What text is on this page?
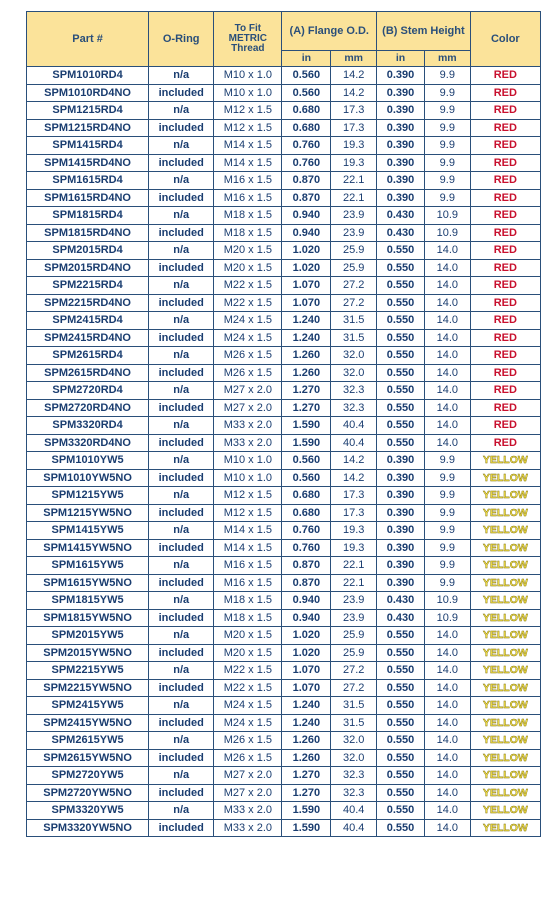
Part #	O-Ring	To Fit METRIC Thread	(A) Flange O.D.		(B) Stem Height		Color
			in	mm	in	mm	
SPM1010RD4	n/a	M10 x 1.0	0.560	14.2	0.390	9.9	RED
SPM1010RD4NO	included	M10 x 1.0	0.560	14.2	0.390	9.9	RED
SPM1215RD4	n/a	M12 x 1.5	0.680	17.3	0.390	9.9	RED
SPM1215RD4NO	included	M12 x 1.5	0.680	17.3	0.390	9.9	RED
SPM1415RD4	n/a	M14 x 1.5	0.760	19.3	0.390	9.9	RED
SPM1415RD4NO	included	M14 x 1.5	0.760	19.3	0.390	9.9	RED
SPM1615RD4	n/a	M16 x 1.5	0.870	22.1	0.390	9.9	RED
SPM1615RD4NO	included	M16 x 1.5	0.870	22.1	0.390	9.9	RED
SPM1815RD4	n/a	M18 x 1.5	0.940	23.9	0.430	10.9	RED
SPM1815RD4NO	included	M18 x 1.5	0.940	23.9	0.430	10.9	RED
SPM2015RD4	n/a	M20 x 1.5	1.020	25.9	0.550	14.0	RED
SPM2015RD4NO	included	M20 x 1.5	1.020	25.9	0.550	14.0	RED
SPM2215RD4	n/a	M22 x 1.5	1.070	27.2	0.550	14.0	RED
SPM2215RD4NO	included	M22 x 1.5	1.070	27.2	0.550	14.0	RED
SPM2415RD4	n/a	M24 x 1.5	1.240	31.5	0.550	14.0	RED
SPM2415RD4NO	included	M24 x 1.5	1.240	31.5	0.550	14.0	RED
SPM2615RD4	n/a	M26 x 1.5	1.260	32.0	0.550	14.0	RED
SPM2615RD4NO	included	M26 x 1.5	1.260	32.0	0.550	14.0	RED
SPM2720RD4	n/a	M27 x 2.0	1.270	32.3	0.550	14.0	RED
SPM2720RD4NO	included	M27 x 2.0	1.270	32.3	0.550	14.0	RED
SPM3320RD4	n/a	M33 x 2.0	1.590	40.4	0.550	14.0	RED
SPM3320RD4NO	included	M33 x 2.0	1.590	40.4	0.550	14.0	RED
SPM1010YW5	n/a	M10 x 1.0	0.560	14.2	0.390	9.9	YELLOW
SPM1010YW5NO	included	M10 x 1.0	0.560	14.2	0.390	9.9	YELLOW
SPM1215YW5	n/a	M12 x 1.5	0.680	17.3	0.390	9.9	YELLOW
SPM1215YW5NO	included	M12 x 1.5	0.680	17.3	0.390	9.9	YELLOW
SPM1415YW5	n/a	M14 x 1.5	0.760	19.3	0.390	9.9	YELLOW
SPM1415YW5NO	included	M14 x 1.5	0.760	19.3	0.390	9.9	YELLOW
SPM1615YW5	n/a	M16 x 1.5	0.870	22.1	0.390	9.9	YELLOW
SPM1615YW5NO	included	M16 x 1.5	0.870	22.1	0.390	9.9	YELLOW
SPM1815YW5	n/a	M18 x 1.5	0.940	23.9	0.430	10.9	YELLOW
SPM1815YW5NO	included	M18 x 1.5	0.940	23.9	0.430	10.9	YELLOW
SPM2015YW5	n/a	M20 x 1.5	1.020	25.9	0.550	14.0	YELLOW
SPM2015YW5NO	included	M20 x 1.5	1.020	25.9	0.550	14.0	YELLOW
SPM2215YW5	n/a	M22 x 1.5	1.070	27.2	0.550	14.0	YELLOW
SPM2215YW5NO	included	M22 x 1.5	1.070	27.2	0.550	14.0	YELLOW
SPM2415YW5	n/a	M24 x 1.5	1.240	31.5	0.550	14.0	YELLOW
SPM2415YW5NO	included	M24 x 1.5	1.240	31.5	0.550	14.0	YELLOW
SPM2615YW5	n/a	M26 x 1.5	1.260	32.0	0.550	14.0	YELLOW
SPM2615YW5NO	included	M26 x 1.5	1.260	32.0	0.550	14.0	YELLOW
SPM2720YW5	n/a	M27 x 2.0	1.270	32.3	0.550	14.0	YELLOW
SPM2720YW5NO	included	M27 x 2.0	1.270	32.3	0.550	14.0	YELLOW
SPM3320YW5	n/a	M33 x 2.0	1.590	40.4	0.550	14.0	YELLOW
SPM3320YW5NO	included	M33 x 2.0	1.590	40.4	0.550	14.0	YELLOW
